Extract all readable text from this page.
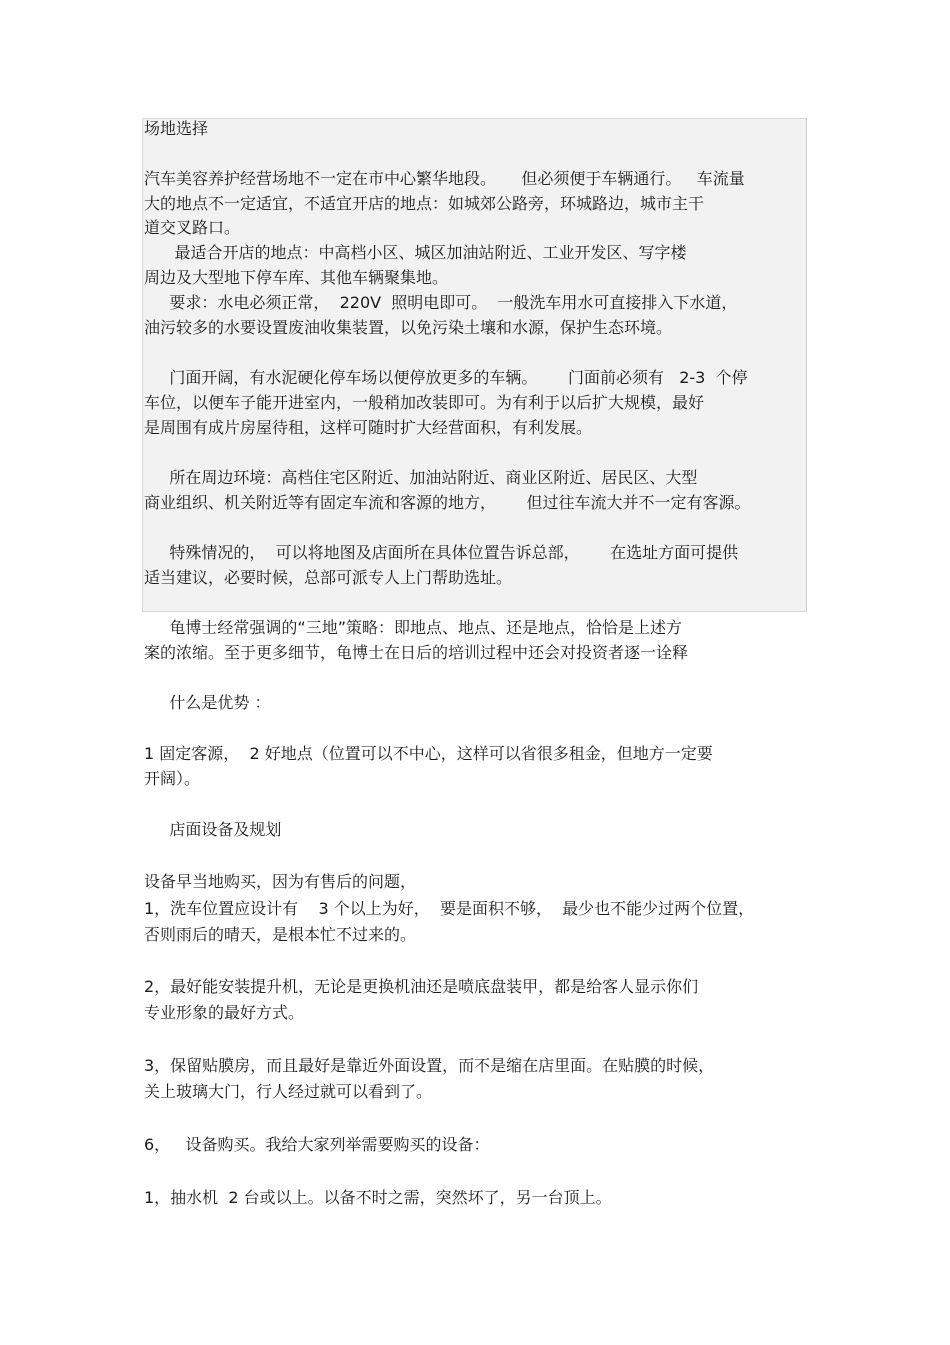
场地选择
汽车美容养护经营场地不一定在市中心繁华地段。     但必须便于车辆通行。   车流量
大的地点不一定适宜，不适宜开店的地点：如城郊公路旁，环城路边，城市主干
道交叉路口。
最适合开店的地点：中高档小区、城区加油站附近、工业开发区、写字楼
周边及大型地下停车库、其他车辆聚集地。
要求：水电必须正常，  220V  照明电即可。  一般洗车用水可直接排入下水道，
油污较多的水要设置废油收集装置，以免污染土壤和水源，保护生态环境。
门面开阔，有水泥硬化停车场以便停放更多的车辆。      门面前必须有   2-3  个停
车位，以便车子能开进室内，一般稍加改装即可。为有利于以后扩大规模，最好
是周围有成片房屋待租，这样可随时扩大经营面积，有利发展。
所在周边环境：高档住宅区附近、加油站附近、商业区附近、居民区、大型
商业组织、机关附近等有固定车流和客源的地方，      但过往车流大并不一定有客源。
特殊情况的，  可以将地图及店面所在具体位置告诉总部，      在选址方面可提供
适当建议，必要时候，总部可派专人上门帮助选址。
龟博士经常强调的“三地”策略：即地点、地点、还是地点，恰恰是上述方
案的浓缩。至于更多细节，龟博士在日后的培训过程中还会对投资者逐一诠释
什么是优势 ：
1 固定客源，  2 好地点（位置可以不中心，这样可以省很多租金，但地方一定要
开阔）。
店面设备及规划
设备早当地购买，因为有售后的问题，
1，洗车位置应设计有    3 个以上为好，  要是面积不够，  最少也不能少过两个位置，
否则雨后的晴天，是根本忙不过来的。
2，最好能安装提升机，无论是更换机油还是喷底盘装甲，都是给客人显示你们
专业形象的最好方式。
3，保留贴膜房，而且最好是靠近外面设置，而不是缩在店里面。在贴膜的时候，
关上玻璃大门，行人经过就可以看到了。
6，   设备购买。我给大家列举需要购买的设备：
1，抽水机  2 台或以上。以备不时之需，突然坏了，另一台顶上。
